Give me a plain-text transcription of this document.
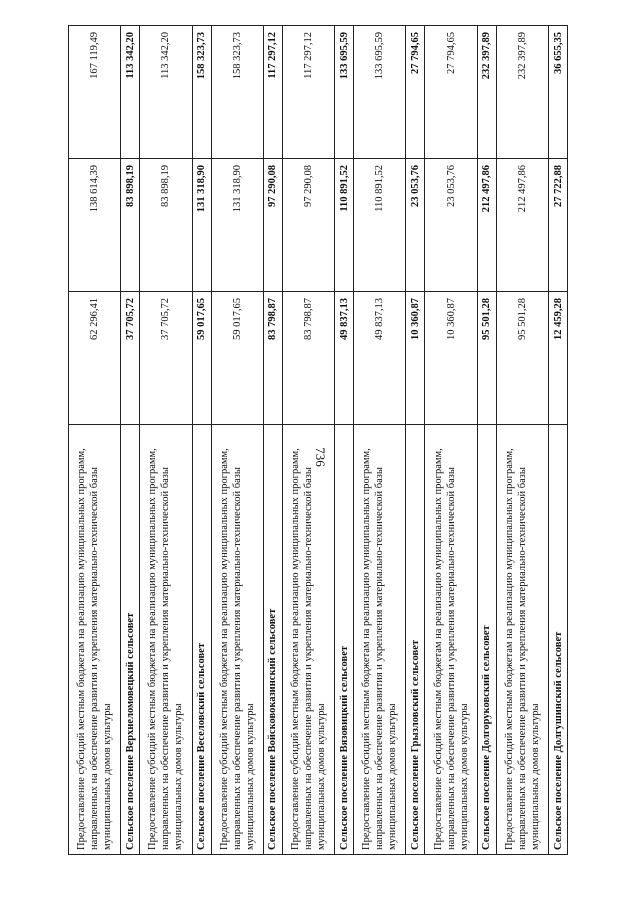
736
Предоставление субсидий местным бюджетам на реализацию муниципальных программ, направленных на обеспечение развития и укрепления материально-технической базы муниципальных домов культуры	62 296,41	138 614,39	167 119,49
Сельское поселение Верхнеломовецкий сельсовет	37 705,72	83 898,19	113 342,20
Предоставление субсидий местным бюджетам на реализацию муниципальных программ, направленных на обеспечение развития и укрепления материально-технической базы муниципальных домов культуры	37 705,72	83 898,19	113 342,20
Сельское поселение Веселовский сельсовет	59 017,65	131 318,90	158 323,73
Предоставление субсидий местным бюджетам на реализацию муниципальных программ, направленных на обеспечение развития и укрепления материально-технической базы муниципальных домов культуры	59 017,65	131 318,90	158 323,73
Сельское поселение Войсковоказинский сельсовет	83 798,87	97 290,08	117 297,12
Предоставление субсидий местным бюджетам на реализацию муниципальных программ, направленных на обеспечение развития и укрепления материально-технической базы муниципальных домов культуры	83 798,87	97 290,08	117 297,12
Сельское поселение Вязовицкий сельсовет	49 837,13	110 891,52	133 695,59
Предоставление субсидий местным бюджетам на реализацию муниципальных программ, направленных на обеспечение развития и укрепления материально-технической базы муниципальных домов культуры	49 837,13	110 891,52	133 695,59
Сельское поселение Грызловский сельсовет	10 360,87	23 053,76	27 794,65
Предоставление субсидий местным бюджетам на реализацию муниципальных программ, направленных на обеспечение развития и укрепления материально-технической базы муниципальных домов культуры	10 360,87	23 053,76	27 794,65
Сельское поселение Долгоруковский сельсовет	95 501,28	212 497,86	232 397,89
Предоставление субсидий местным бюджетам на реализацию муниципальных программ, направленных на обеспечение развития и укрепления материально-технической базы муниципальных домов культуры	95 501,28	212 497,86	232 397,89
Сельское поселение Долгушинский сельсовет	12 459,28	27 722,88	36 655,35
